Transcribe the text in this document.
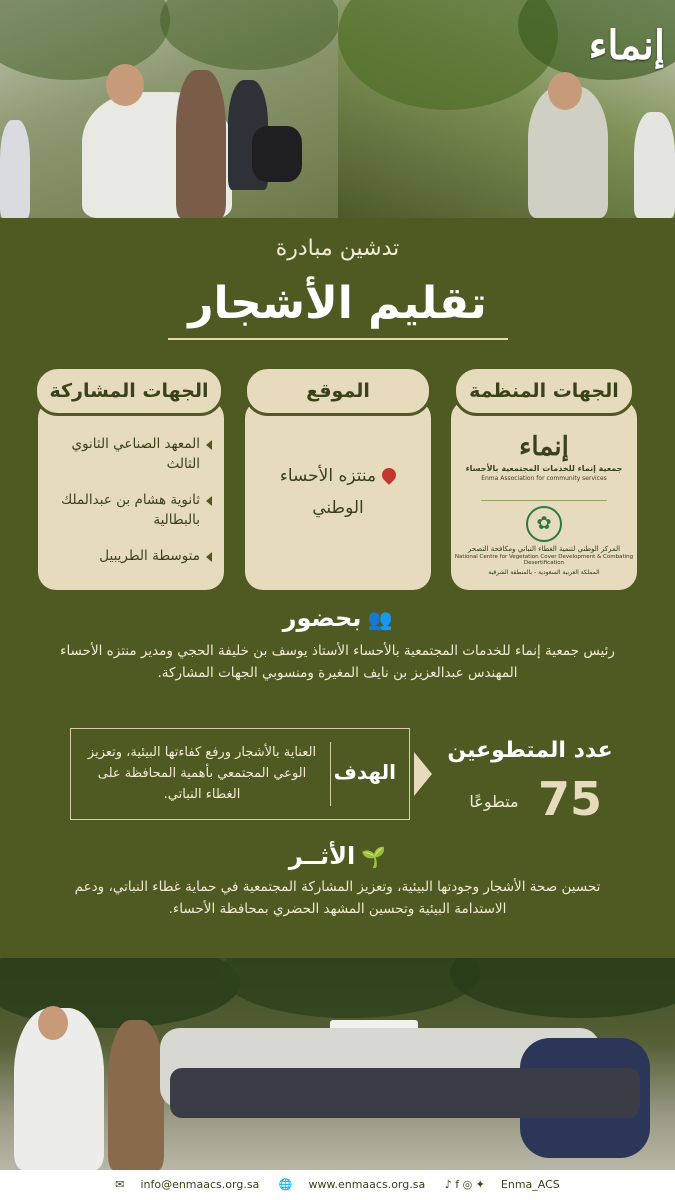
إنماء
تدشين مبادرة
تقليم الأشجار
إنماء
جمعية إنماء للخدمات المجتمعية بالأحساء
Enma Association for community services
✿
المركز الوطني لتنمية الغطاء النباتي ومكافحة التصحر
National Centre for Vegetation Cover Development & Combating Desertification
المملكة العربية السعودية - بالمنطقة الشرقية
الجهات المنظمة
منتزه الأحساء الوطني
الموقع
المعهد الصناعي الثانوي الثالث
ثانوية هشام بن عبدالملك بالبطالية
متوسطة الطريبيل
الجهات المشاركة
👥بحضور
رئيس جمعية إنماء للخدمات المجتمعية بالأحساء الأستاذ يوسف بن خليفة الحجي ومدير منتزه الأحساء المهندس عبدالعزيز بن نايف المغيرة ومنسوبي الجهات المشاركة.
الهدف
العناية بالأشجار ورفع كفاءتها البيئية، وتعزيز الوعي المجتمعي بأهمية المحافظة على الغطاء النباتي.
عدد المتطوعين
75
متطوعًا
🌱الأثــر
تحسين صحة الأشجار وجودتها البيئية، وتعزيز المشاركة المجتمعية في حماية غطاء النباتي، ودعم الاستدامة البيئية وتحسين المشهد الحضري بمحافظة الأحساء.
✉ info@enmaacs.org.sa 🌐 www.enmaacs.org.sa ♪ f ◎ ✦ Enma_ACS
